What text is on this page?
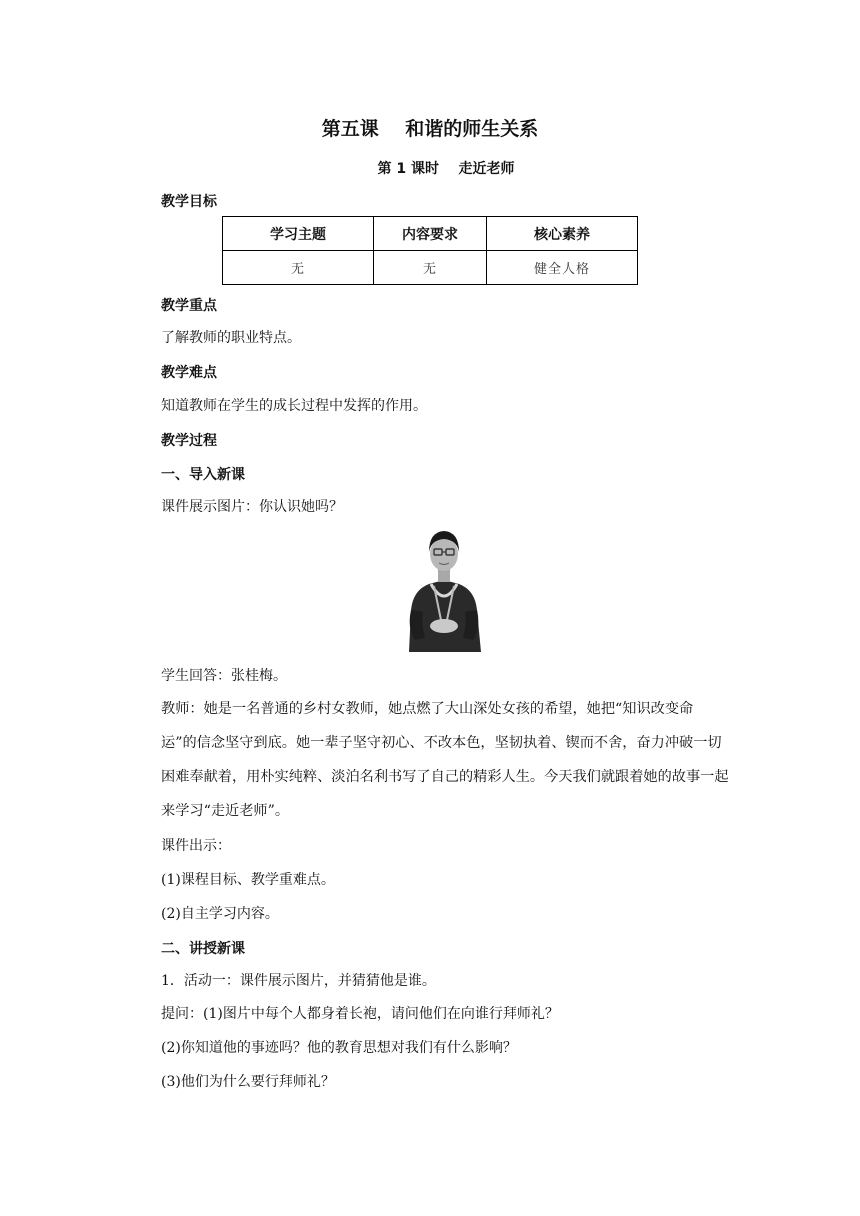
第五课    和谐的师生关系
第 1 课时    走近老师
教学目标
学习主题	内容要求	核心素养
无	无	健全人格
教学重点
了解教师的职业特点。
教学难点
知道教师在学生的成长过程中发挥的作用。
教学过程
一、导入新课
课件展示图片：你认识她吗？
学生回答：张桂梅。
教师：她是一名普通的乡村女教师，她点燃了大山深处女孩的希望，她把“知识改变命
运”的信念坚守到底。她一辈子坚守初心、不改本色，坚韧执着、锲而不舍，奋力冲破一切
困难奉献着，用朴实纯粹、淡泊名利书写了自己的精彩人生。今天我们就跟着她的故事一起
来学习“走近老师”。
课件出示：
(1)课程目标、教学重难点。
(2)自主学习内容。
二、讲授新课
1．活动一：课件展示图片，并猜猜他是谁。
提问：(1)图片中每个人都身着长袍，请问他们在向谁行拜师礼？
(2)你知道他的事迹吗？他的教育思想对我们有什么影响？
(3)他们为什么要行拜师礼？
